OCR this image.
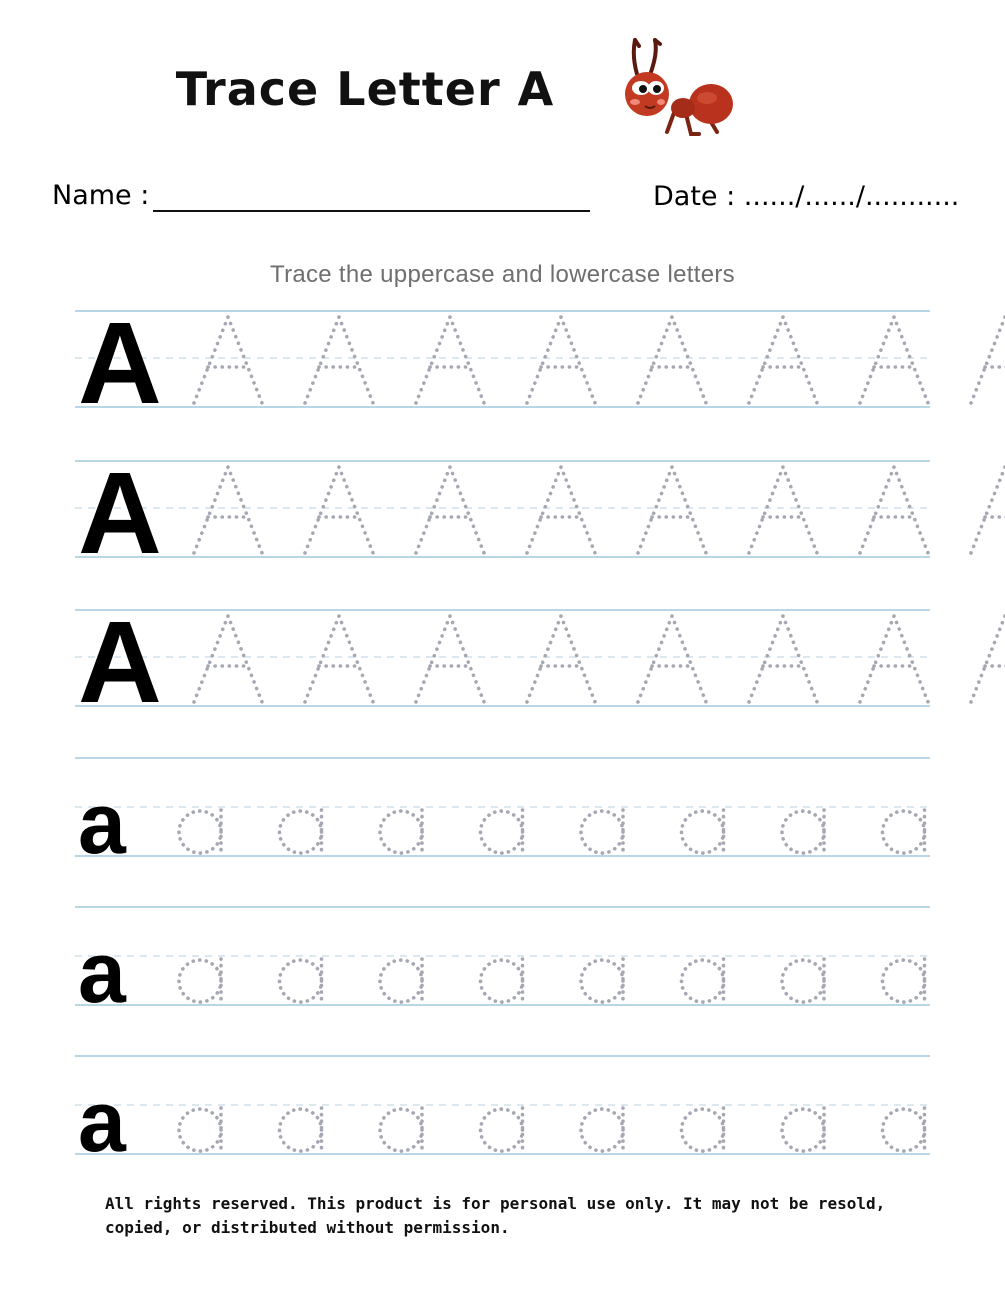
Trace Letter A
Name :	Date : ....../....../...........
Trace the uppercase and lowercase letters
A
A
A
a
a
a
All rights reserved. This product is for personal use only. It may not be resold, copied, or distributed without permission.
